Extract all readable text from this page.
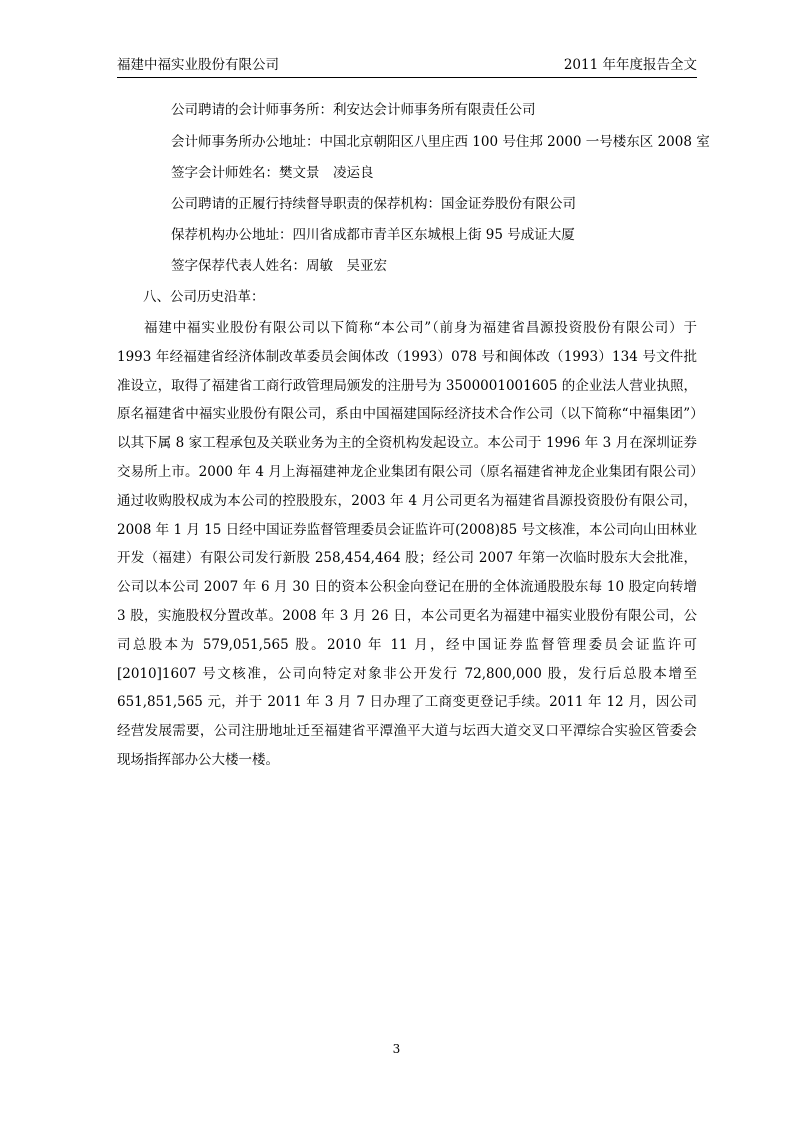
福建中福实业股份有限公司	2011 年年度报告全文
公司聘请的会计师事务所：利安达会计师事务所有限责任公司
会计师事务所办公地址：中国北京朝阳区八里庄西 100 号住邦 2000 一号楼东区 2008 室
签字会计师姓名：樊文景　凌运良
公司聘请的正履行持续督导职责的保荐机构：国金证券股份有限公司
保荐机构办公地址：四川省成都市青羊区东城根上街 95 号成证大厦
签字保荐代表人姓名：周敏　吴亚宏
八、公司历史沿革：
福建中福实业股份有限公司以下简称“本公司”（前身为福建省昌源投资股份有限公司）于 1993 年经福建省经济体制改革委员会闽体改（1993）078 号和闽体改（1993）134 号文件批准设立，取得了福建省工商行政管理局颁发的注册号为 3500001001605 的企业法人营业执照，原名福建省中福实业股份有限公司，系由中国福建国际经济技术合作公司（以下简称“中福集团”）以其下属 8 家工程承包及关联业务为主的全资机构发起设立。本公司于 1996 年 3 月在深圳证券交易所上市。2000 年 4 月上海福建神龙企业集团有限公司（原名福建省神龙企业集团有限公司）通过收购股权成为本公司的控股股东，2003 年 4 月公司更名为福建省昌源投资股份有限公司，2008 年 1 月 15 日经中国证券监督管理委员会证监许可(2008)85 号文核准，本公司向山田林业开发（福建）有限公司发行新股 258,454,464 股；经公司 2007 年第一次临时股东大会批准，公司以本公司 2007 年 6 月 30 日的资本公积金向登记在册的全体流通股股东每 10 股定向转增 3 股，实施股权分置改革。2008 年 3 月 26 日，本公司更名为福建中福实业股份有限公司，公司总股本为 579,051,565 股。2010 年 11 月，经中国证券监督管理委员会证监许可[2010]1607 号文核准，公司向特定对象非公开发行 72,800,000 股，发行后总股本增至 651,851,565 元，并于 2011 年 3 月 7 日办理了工商变更登记手续。2011 年 12 月，因公司经营发展需要，公司注册地址迁至福建省平潭渔平大道与坛西大道交叉口平潭综合实验区管委会现场指挥部办公大楼一楼。
3
